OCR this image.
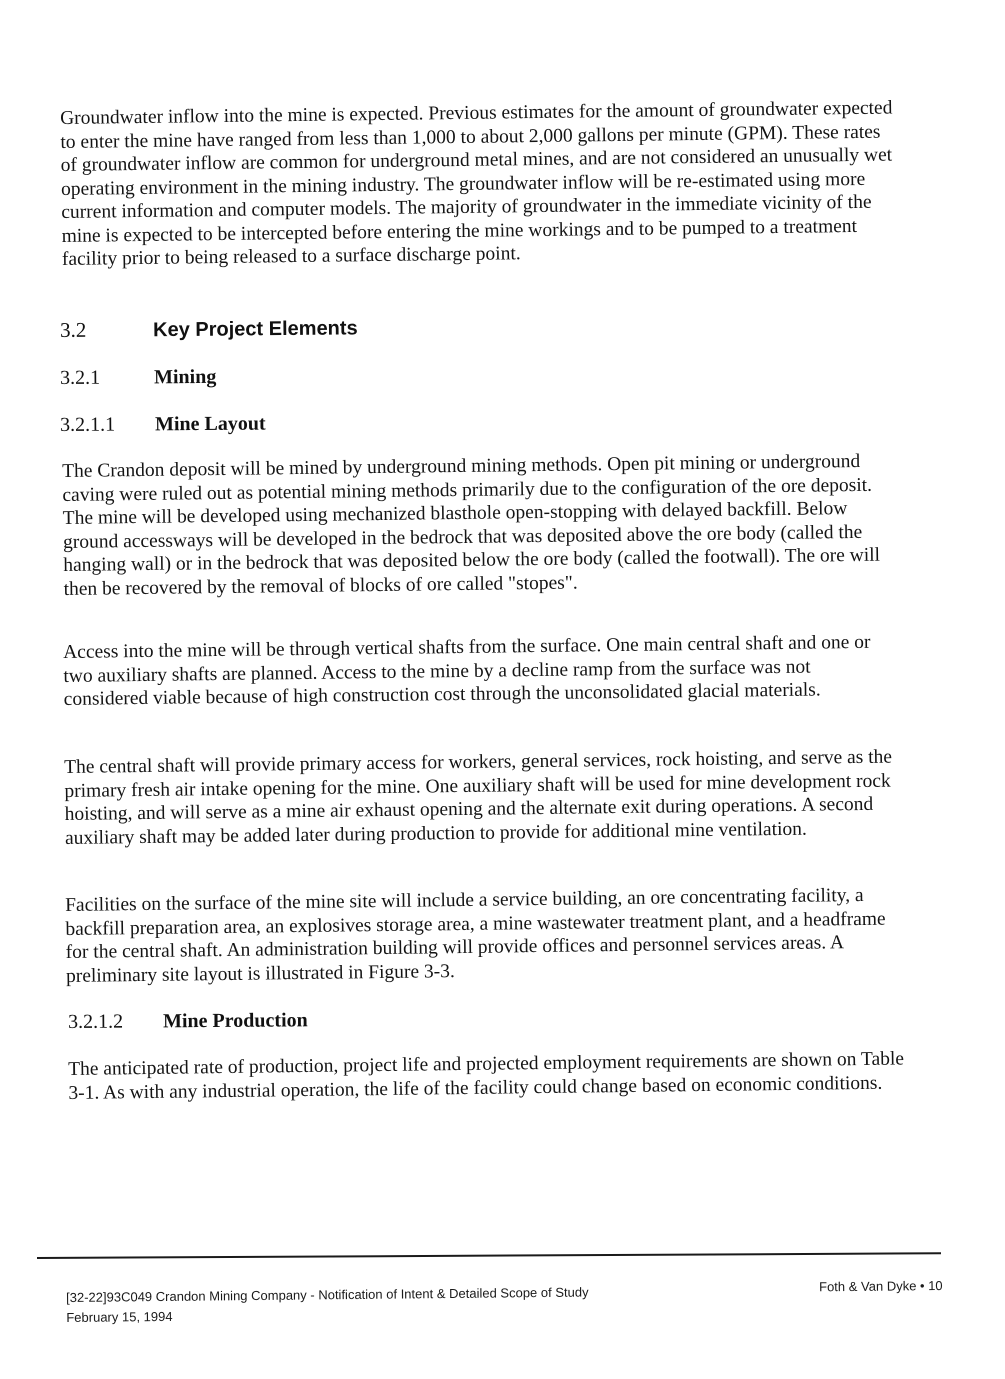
Groundwater inflow into the mine is expected. Previous estimates for the amount of groundwater expected to enter the mine have ranged from less than 1,000 to about 2,000 gallons per minute (GPM). These rates of groundwater inflow are common for underground metal mines, and are not considered an unusually wet operating environment in the mining industry. The groundwater inflow will be re-estimated using more current information and computer models. The majority of groundwater in the immediate vicinity of the mine is expected to be intercepted before entering the mine workings and to be pumped to a treatment facility prior to being released to a surface discharge point.

3.2	Key Project Elements
3.2.1	Mining
3.2.1.1 Mine Layout

The Crandon deposit will be mined by underground mining methods. Open pit mining or underground caving were ruled out as potential mining methods primarily due to the configuration of the ore deposit. The mine will be developed using mechanized blasthole open-stopping with delayed backfill. Below ground accessways will be developed in the bedrock that was deposited above the ore body (called the hanging wall) or in the bedrock that was deposited below the ore body (called the footwall). The ore will then be recovered by the removal of blocks of ore called "stopes".

Access into the mine will be through vertical shafts from the surface. One main central shaft and one or two auxiliary shafts are planned. Access to the mine by a decline ramp from the surface was not considered viable because of high construction cost through the unconsolidated glacial materials.

The central shaft will provide primary access for workers, general services, rock hoisting, and serve as the primary fresh air intake opening for the mine. One auxiliary shaft will be used for mine development rock hoisting, and will serve as a mine air exhaust opening and the alternate exit during operations. A second auxiliary shaft may be added later during production to provide for additional mine ventilation.

Facilities on the surface of the mine site will include a service building, an ore concentrating facility, a backfill preparation area, an explosives storage area, a mine wastewater treatment plant, and a headframe for the central shaft. An administration building will provide offices and personnel services areas. A preliminary site layout is illustrated in Figure 3-3.

3.2.1.2 Mine Production

The anticipated rate of production, project life and projected employment requirements are shown on Table 3-1. As with any industrial operation, the life of the facility could change based on economic conditions.

[32-22]93C049 Crandon Mining Company - Notification of Intent & Detailed Scope of Study
February 15, 1994
Foth & Van Dyke • 10
